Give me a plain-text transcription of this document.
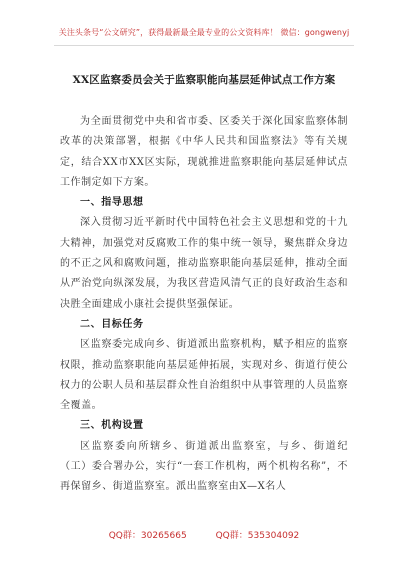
关注头条号“公文研究”，获得最新最全最专业的公文资料库！ 微信：gongwenyj
XX区监察委员会关于监察职能向基层延伸试点工作方案

为全面贯彻党中央和省市委、区委关于深化国家监察体制改革的决策部署，根据《中华人民共和国监察法》等有关规定，结合XX市XX区实际，现就推进监察职能向基层延伸试点工作制定如下方案。

一、指导思想

深入贯彻习近平新时代中国特色社会主义思想和党的十九大精神，加强党对反腐败工作的集中统一领导，聚焦群众身边的不正之风和腐败问题，推动监察职能向基层延伸，推动全面从严治党向纵深发展，为我区营造风清气正的良好政治生态和决胜全面建成小康社会提供坚强保证。

二、目标任务

区监察委完成向乡、街道派出监察机构，赋予相应的监察权限，推动监察职能向基层延伸拓展，实现对乡、街道行使公权力的公职人员和基层群众性自治组织中从事管理的人员监察全覆盖。

三、机构设置

区监察委向所辖乡、街道派出监察室，与乡、街道纪（工）委合署办公，实行“一套工作机构，两个机构名称”，不再保留乡、街道监察室。派出监察室由X—X名人

QQ群：30265665	QQ群：535304092
